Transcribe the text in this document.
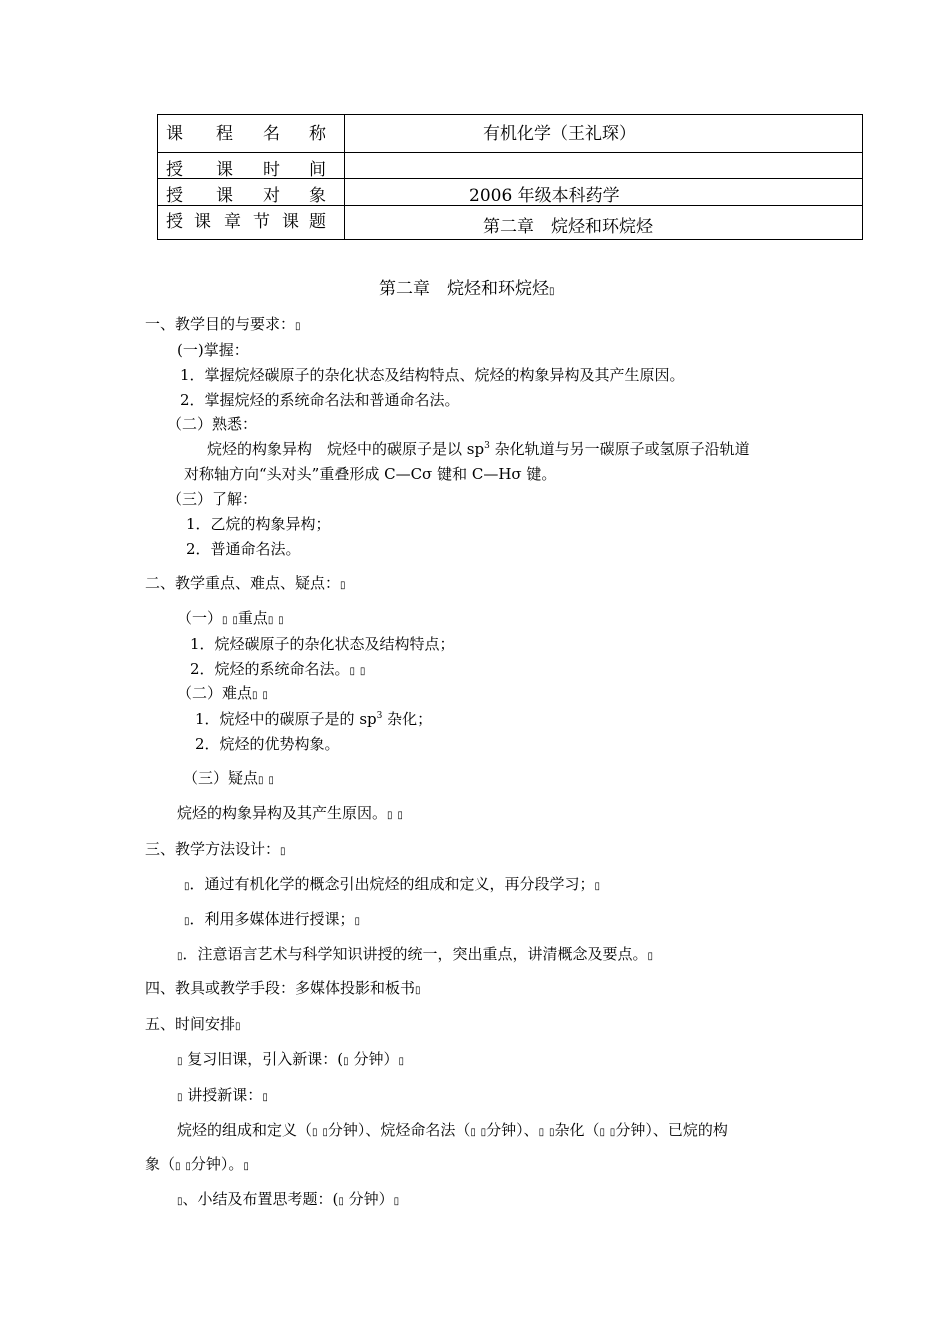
课 程 名 称	有机化学（王礼琛）
授 课 时 间
授 课 对 象	2006 年级本科药学
授 课 章 节 课 题	第二章　烷烃和环烷烃
第二章　烷烃和环烷烃▯
一、教学目的与要求：▯
(一)掌握：
1．掌握烷烃碳原子的杂化状态及结构特点、烷烃的构象异构及其产生原因。
2．掌握烷烃的系统命名法和普通命名法。
（二）熟悉：
烷烃的构象异构　烷烃中的碳原子是以 $sp^3$ 杂化轨道与另一碳原子或氢原子沿轨道
对称轴方向“头对头”重叠形成 C—Cσ 键和 C—Hσ 键。
（三）了解：
1．乙烷的构象异构；
2．普通命名法。
二、教学重点、难点、疑点：▯
（一）▯ ▯重点▯ ▯
1．烷烃碳原子的杂化状态及结构特点；
2．烷烃的系统命名法。▯ ▯
（二）难点▯ ▯
1．烷烃中的碳原子是的 $sp^3$ 杂化；
2．烷烃的优势构象。
（三）疑点▯ ▯
烷烃的构象异构及其产生原因。▯ ▯
三、教学方法设计：▯
▯．通过有机化学的概念引出烷烃的组成和定义，再分段学习；▯
▯．利用多媒体进行授课；▯
▯．注意语言艺术与科学知识讲授的统一，突出重点，讲清概念及要点。▯
四、教具或教学手段：多媒体投影和板书▯
五、时间安排▯
▯ 复习旧课，引入新课：(▯ 分钟）▯
▯ 讲授新课：▯
烷烃的组成和定义（▯ ▯分钟）、烷烃命名法（▯ ▯分钟）、▯ ▯杂化（▯ ▯分钟）、已烷的构
象（▯ ▯分钟）。▯
▯、小结及布置思考题：(▯ 分钟）▯
